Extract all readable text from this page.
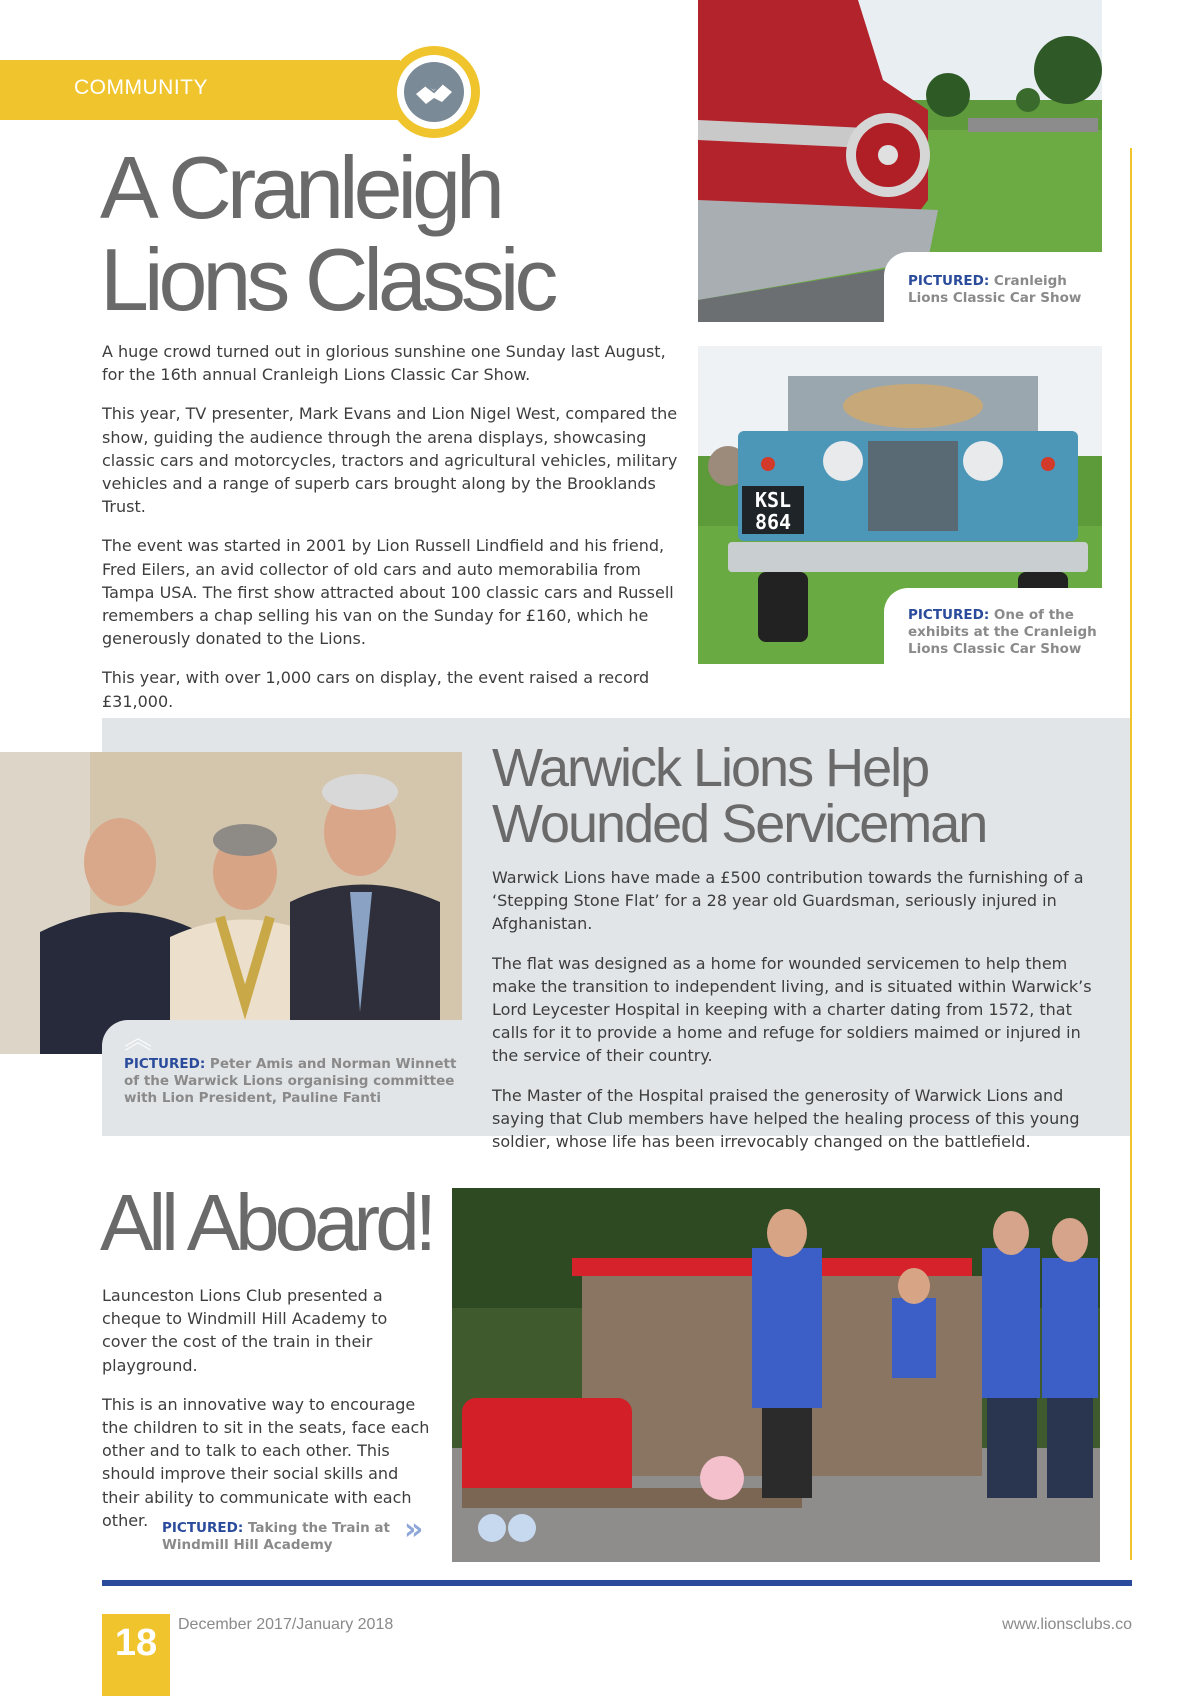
COMMUNITY
A Cranleigh
Lions Classic

A huge crowd turned out in glorious sunshine one Sunday last August, for the 16th annual Cranleigh Lions Classic Car Show.

This year, TV presenter, Mark Evans and Lion Nigel West, compared the show, guiding the audience through the arena displays, showcasing classic cars and motorcycles, tractors and agricultural vehicles, military vehicles and a range of superb cars brought along by the Brooklands Trust.

The event was started in 2001 by Lion Russell Lindfield and his friend, Fred Eilers, an avid collector of old cars and auto memorabilia from Tampa USA. The first show attracted about 100 classic cars and Russell remembers a chap selling his van on the Sunday for £160, which he generously donated to the Lions.

This year, with over 1,000 cars on display, the event raised a record £31,000.

PICTURED: Cranleigh Lions Classic Car Show
KSL
864
PICTURED: One of the exhibits at the Cranleigh Lions Classic Car Show
︽
PICTURED: Peter Amis and Norman Winnett of the Warwick Lions organising committee with Lion President, Pauline Fanti
Warwick Lions Help
Wounded Serviceman

Warwick Lions have made a £500 contribution towards the furnishing of a ‘Stepping Stone Flat’ for a 28 year old Guardsman, seriously injured in Afghanistan.

The flat was designed as a home for wounded servicemen to help them make the transition to independent living, and is situated within Warwick’s Lord Leycester Hospital in keeping with a charter dating from 1572, that calls for it to provide a home and refuge for soldiers maimed or injured in the service of their country.

The Master of the Hospital praised the generosity of Warwick Lions and saying that Club members have helped the healing process of this young soldier, whose life has been irrevocably changed on the battlefield.

All Aboard!

Launceston Lions Club presented a cheque to Windmill Hill Academy to cover the cost of the train in their playground.

This is an innovative way to encourage the children to sit in the seats, face each other and to talk to each other. This should improve their social skills and their ability to communicate with each other.	PICTURED: Taking the Train at Windmill Hill Academy	»
18	December 2017/January 2018	www.lionsclubs.co
